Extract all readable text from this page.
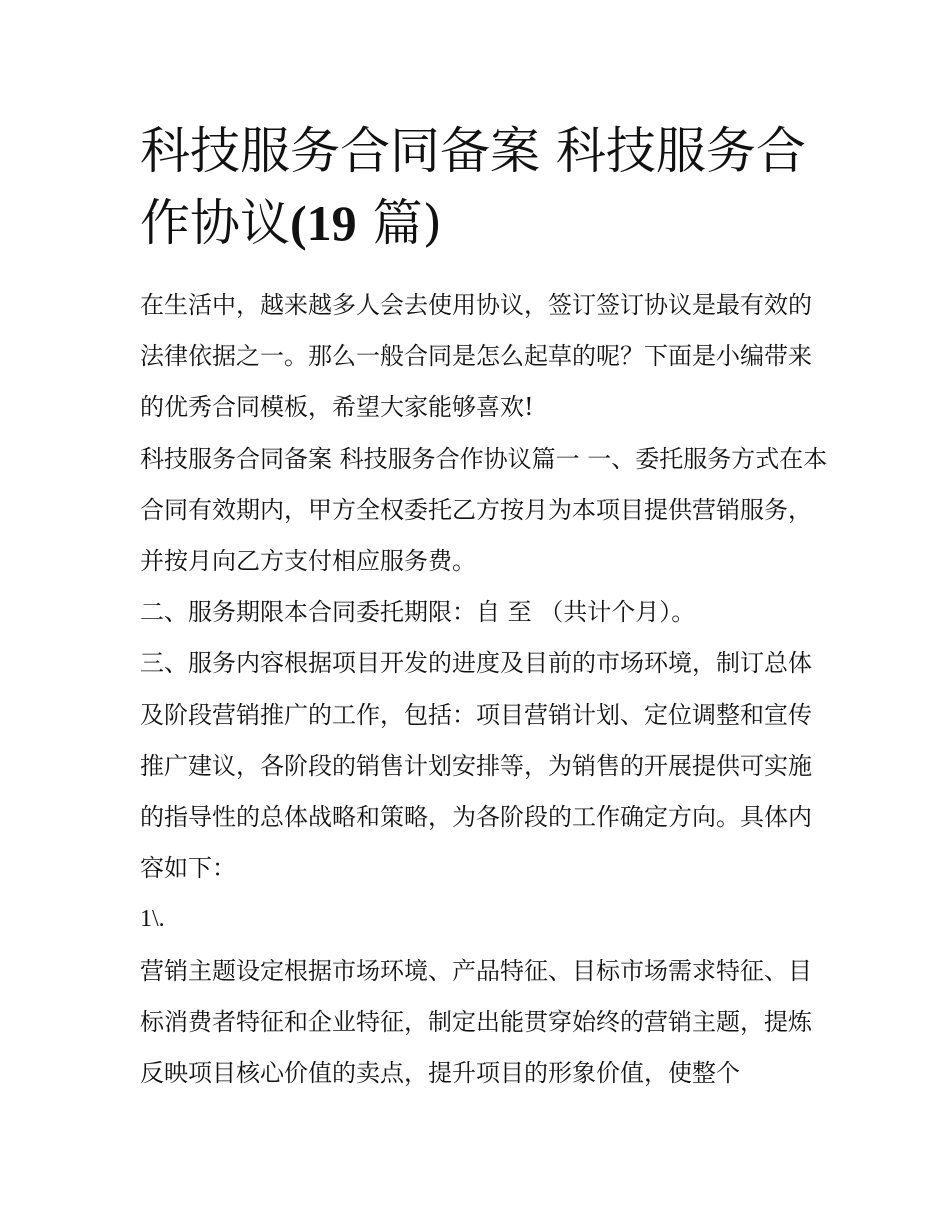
科技服务合同备案 科技服务合作协议(19 篇)

在生活中，越来越多人会去使用协议，签订签订协议是最有效的法律依据之一。那么一般合同是怎么起草的呢？下面是小编带来的优秀合同模板，希望大家能够喜欢!

科技服务合同备案 科技服务合作协议篇一 一、委托服务方式在本合同有效期内，甲方全权委托乙方按月为本项目提供营销服务，并按月向乙方支付相应服务费。

二、服务期限本合同委托期限：自 至 （共计个月）。

三、服务内容根据项目开发的进度及目前的市场环境，制订总体及阶段营销推广的工作，包括：项目营销计划、定位调整和宣传推广建议，各阶段的销售计划安排等，为销售的开展提供可实施的指导性的总体战略和策略，为各阶段的工作确定方向。具体内容如下：

1\.

营销主题设定根据市场环境、产品特征、目标市场需求特征、目标消费者特征和企业特征，制定出能贯穿始终的营销主题，提炼反映项目核心价值的卖点，提升项目的形象价值，使整个
